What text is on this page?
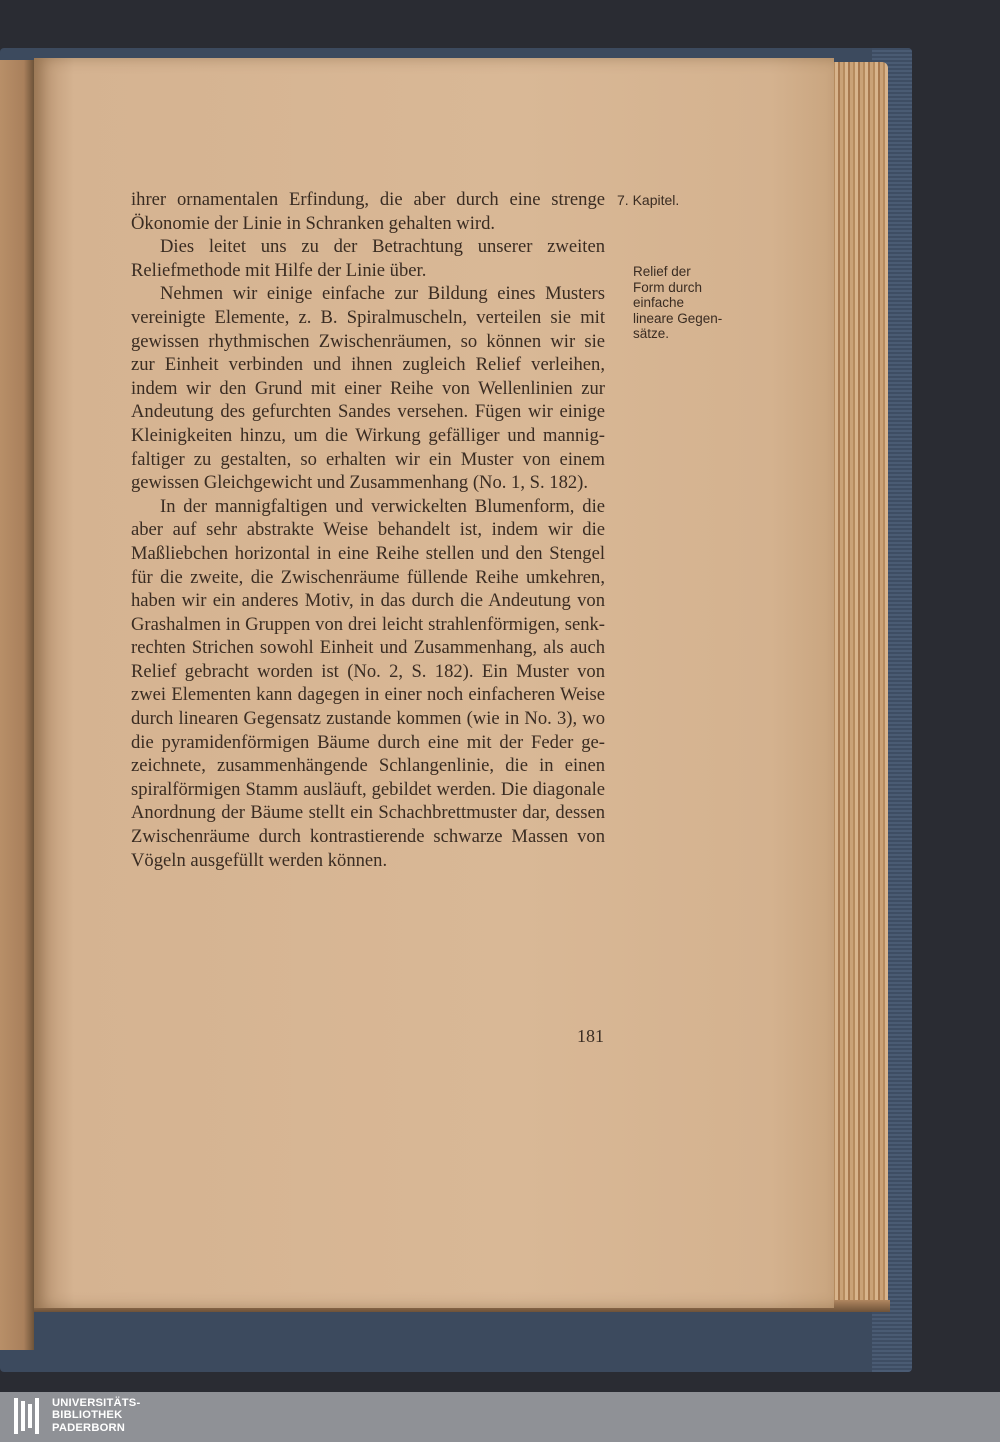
ihrer ornamentalen Erfindung, die aber durch eine strenge Ökonomie der Linie in Schranken gehalten wird.

Dies leitet uns zu der Betrachtung unserer zweiten Reliefmethode mit Hilfe der Linie über.

Nehmen wir einige einfache zur Bildung eines Musters vereinigte Elemente, z. B. Spiralmuscheln, verteilen sie mit gewissen rhythmischen Zwischenräumen, so können wir sie zur Einheit verbinden und ihnen zugleich Relief verleihen, indem wir den Grund mit einer Reihe von Wellenlinien zur Andeutung des gefurchten Sandes versehen. Fügen wir einige Kleinigkeiten hinzu, um die Wirkung gefälliger und mannigfaltiger zu gestalten, so erhalten wir ein Muster von einem gewissen Gleichgewicht und Zusammenhang (No. 1, S. 182).

In der mannigfaltigen und verwickelten Blumenform, die aber auf sehr abstrakte Weise behandelt ist, indem wir die Maßliebchen horizontal in eine Reihe stellen und den Stengel für die zweite, die Zwischenräume füllende Reihe umkehren, haben wir ein anderes Motiv, in das durch die Andeutung von Grashalmen in Gruppen von drei leicht strahlenförmigen, senkrechten Strichen sowohl Einheit und Zusammenhang, als auch Relief gebracht worden ist (No. 2, S. 182). Ein Muster von zwei Elementen kann dagegen in einer noch einfacheren Weise durch linearen Gegensatz zustande kommen (wie in No. 3), wo die pyramidenförmigen Bäume durch eine mit der Feder gezeichnete, zusammenhängende Schlangenlinie, die in einen spiralförmigen Stamm ausläuft, gebildet werden. Die diagonale Anordnung der Bäume stellt ein Schachbrettmuster dar, dessen Zwischenräume durch kontrastierende schwarze Massen von Vögeln ausgefüllt werden können.

7. Kapitel.
Relief der
Form durch
einfache
lineare Gegen-
sätze.
181
UNIVERSITÄTS-
BIBLIOTHEK
PADERBORN
